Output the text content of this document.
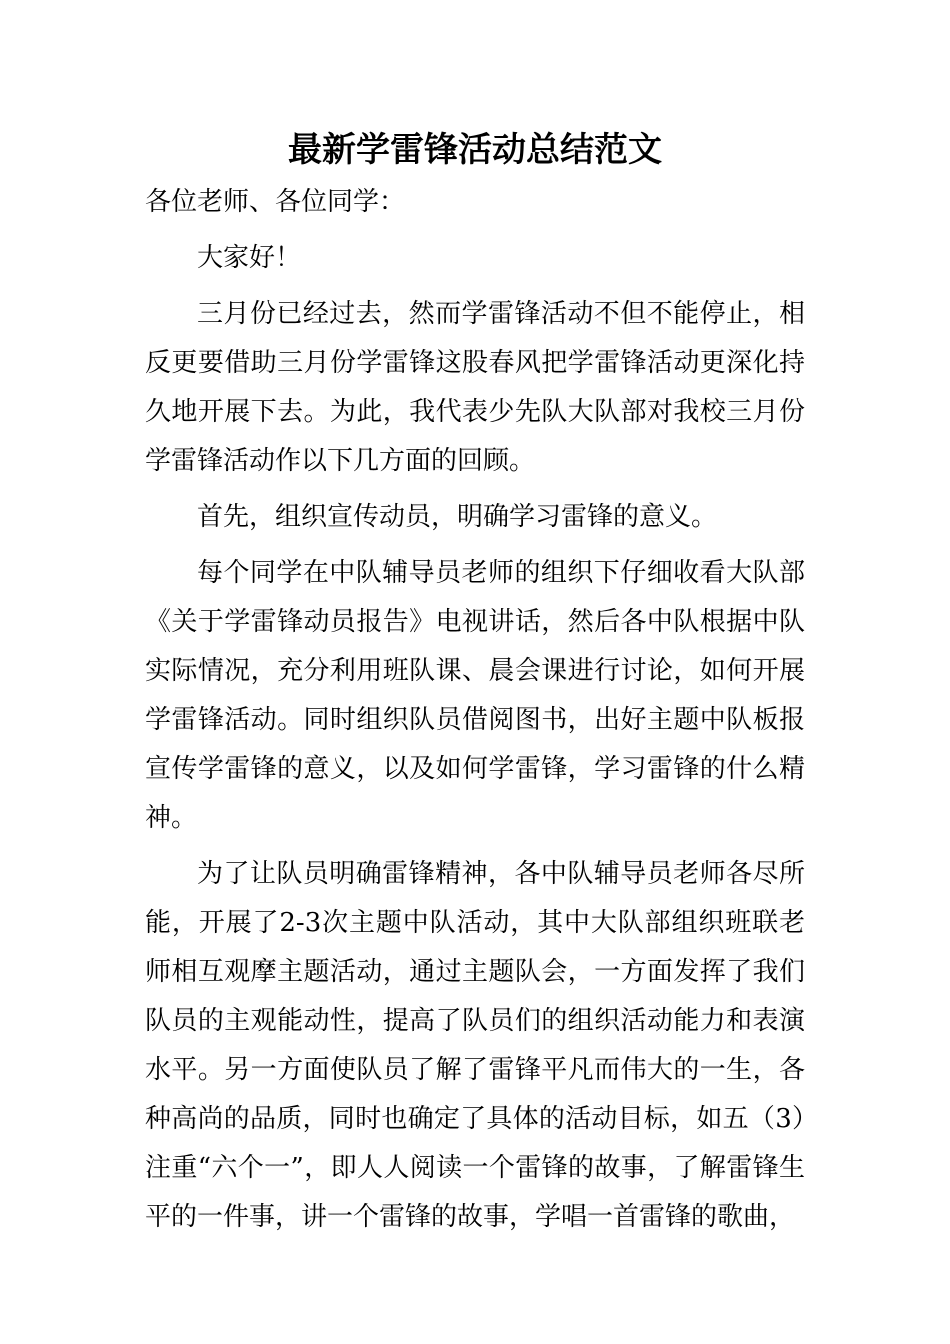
最新学雷锋活动总结范文

各位老师、各位同学：

大家好！

三月份已经过去，然而学雷锋活动不但不能停止，相反更要借助三月份学雷锋这股春风把学雷锋活动更深化持久地开展下去。为此，我代表少先队大队部对我校三月份学雷锋活动作以下几方面的回顾。

首先，组织宣传动员，明确学习雷锋的意义。

每个同学在中队辅导员老师的组织下仔细收看大队部《关于学雷锋动员报告》电视讲话，然后各中队根据中队实际情况，充分利用班队课、晨会课进行讨论，如何开展学雷锋活动。同时组织队员借阅图书，出好主题中队板报宣传学雷锋的意义，以及如何学雷锋，学习雷锋的什么精神。

为了让队员明确雷锋精神，各中队辅导员老师各尽所能，开展了2-3次主题中队活动，其中大队部组织班联老师相互观摩主题活动，通过主题队会，一方面发挥了我们队员的主观能动性，提高了队员们的组织活动能力和表演水平。另一方面使队员了解了雷锋平凡而伟大的一生，各种高尚的品质，同时也确定了具体的活动目标，如五（3）注重“六个一”，即人人阅读一个雷锋的故事，了解雷锋生平的一件事，讲一个雷锋的故事，学唱一首雷锋的歌曲，
